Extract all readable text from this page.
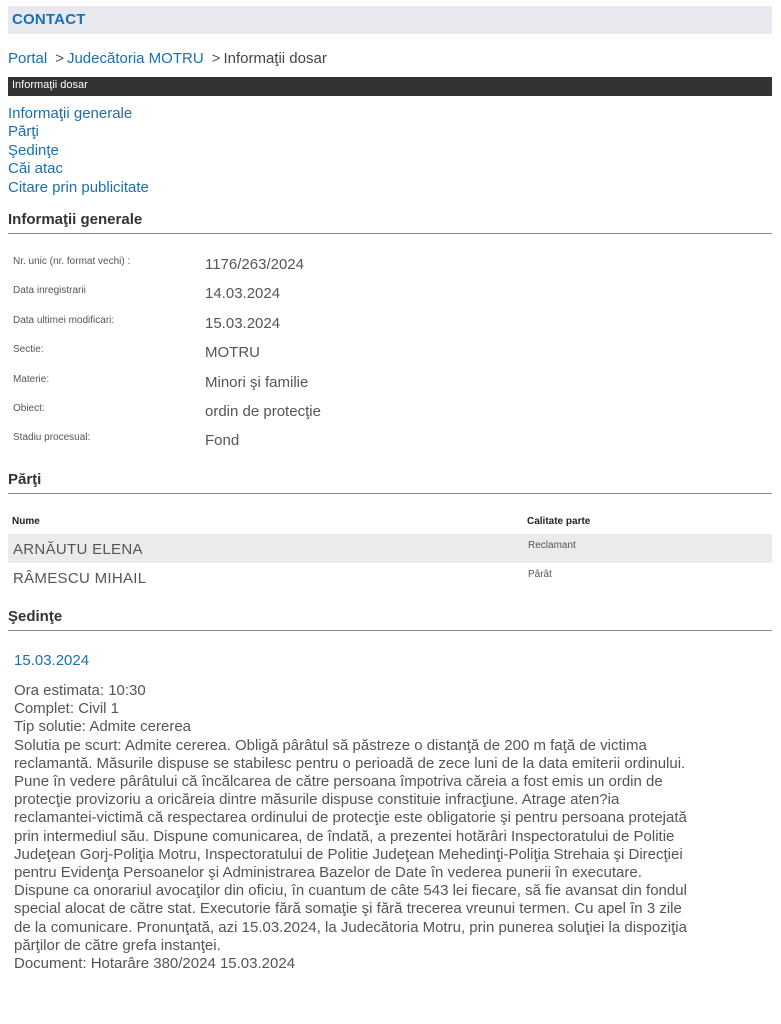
CONTACT
Portal > Judecătoria MOTRU > Informaţii dosar
Informaţii dosar
Informaţii generale
Părţi
Şedinţe
Căi atac
Citare prin publicitate
Informaţii generale
Nr. unic (nr. format vechi) :	1176/263/2024
Data inregistrarii	14.03.2024
Data ultimei modificari:	15.03.2024
Sectie:	MOTRU
Materie:	Minori şi familie
Obiect:	ordin de protecţie
Stadiu procesual:	Fond
Părţi
Nume	Calitate parte
ARNĂUTU ELENA	Reclamant
RÂMESCU MIHAIL	Pârât
Şedinţe
15.03.2024
Ora estimata: 10:30
Complet: Civil 1
Tip solutie: Admite cererea
Solutia pe scurt: Admite cererea. Obligă pârâtul să păstreze o distanţă de 200 m faţă de victima
reclamantă. Măsurile dispuse se stabilesc pentru o perioadă de zece luni de la data emiterii ordinului.
Pune în vedere pârâtului că încălcarea de către persoana împotriva căreia a fost emis un ordin de
protecţie provizoriu a oricăreia dintre măsurile dispuse constituie infracţiune. Atrage aten?ia
reclamantei-victimă că respectarea ordinului de protecţie este obligatorie şi pentru persoana protejată
prin intermediul său. Dispune comunicarea, de îndată, a prezentei hotărâri Inspectoratului de Politie
Judeţean Gorj-Poliţia Motru, Inspectoratului de Politie Judeţean Mehedinţi-Poliţia Strehaia şi Direcţiei
pentru Evidenţa Persoanelor şi Administrarea Bazelor de Date în vederea punerii în executare.
Dispune ca onorariul avocaţilor din oficiu, în cuantum de câte 543 lei fiecare, să fie avansat din fondul
special alocat de către stat. Executorie fără somaţie şi fără trecerea vreunui termen. Cu apel în 3 zile
de la comunicare. Pronunţată, azi 15.03.2024, la Judecătoria Motru, prin punerea soluţiei la dispoziţia
părţilor de către grefa instanţei.
Document: Hotarâre 380/2024 15.03.2024
